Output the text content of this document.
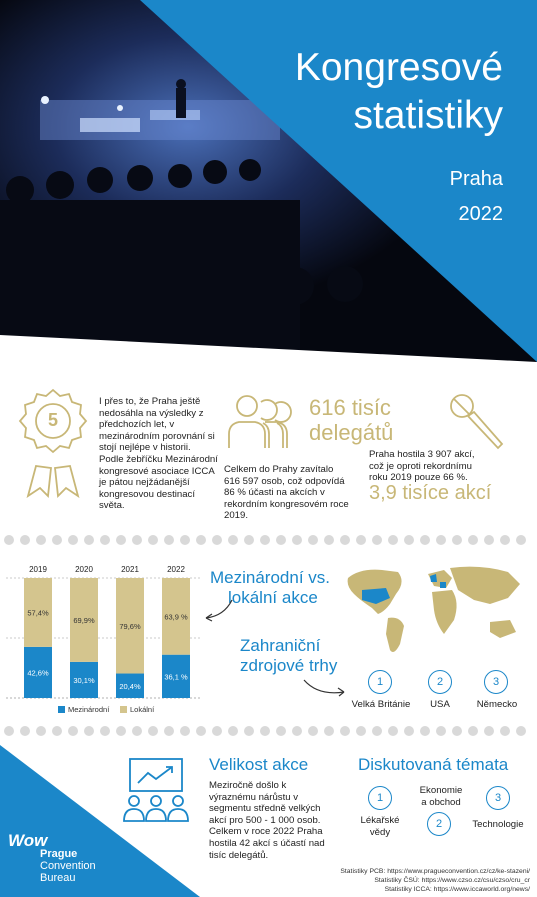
Kongresové
statistiky
Praha
2022
5
I přes to, že Praha ještě nedosáhla na výsledky z předchozích let, v mezinárodním porovnání si stojí nejlépe v historii.
Podle žebříčku Mezinárodní kongresové asociace ICCA je pátou nejžádanější kongresovou destinací světa.
616 tisíc
delegátů
Celkem do Prahy zavítalo 616 597 osob, což odpovídá 86 % účasti na akcích v rekordním kongresovém roce 2019.
Praha hostila 3 907 akcí, což je oproti rekordnímu roku 2019 pouze 66 %.
3,9 tisíce akcí
2019
57,4%
42,6%
2020
69,9%
30,1%
2021
79,6%
20,4%
2022
63,9 %
36,1 %
Mezinárodní	Lokální
Mezinárodní vs.
lokální akce
Zahraniční
zdrojové trhy
1
Velká Británie
2
USA
3
Německo
Wow
Prague
Convention
Bureau
Velikost akce
Meziročně došlo k výraznému nárůstu v segmentu středně velkých akcí pro 500 - 1 000 osob. Celkem v roce 2022 Praha hostila 42 akcí s účastí nad tisíc delegátů.
Diskutovaná témata
1
Lékařské vědy
Ekonomie a obchod
2
3
Technologie
Statistiky PCB: https://www.pragueconvention.cz/cz/ke-stazeni/
Statistiky ČSÚ: https://www.czso.cz/csu/czso/cru_cr
Statistiky ICCA: https://www.iccaworld.org/news/
